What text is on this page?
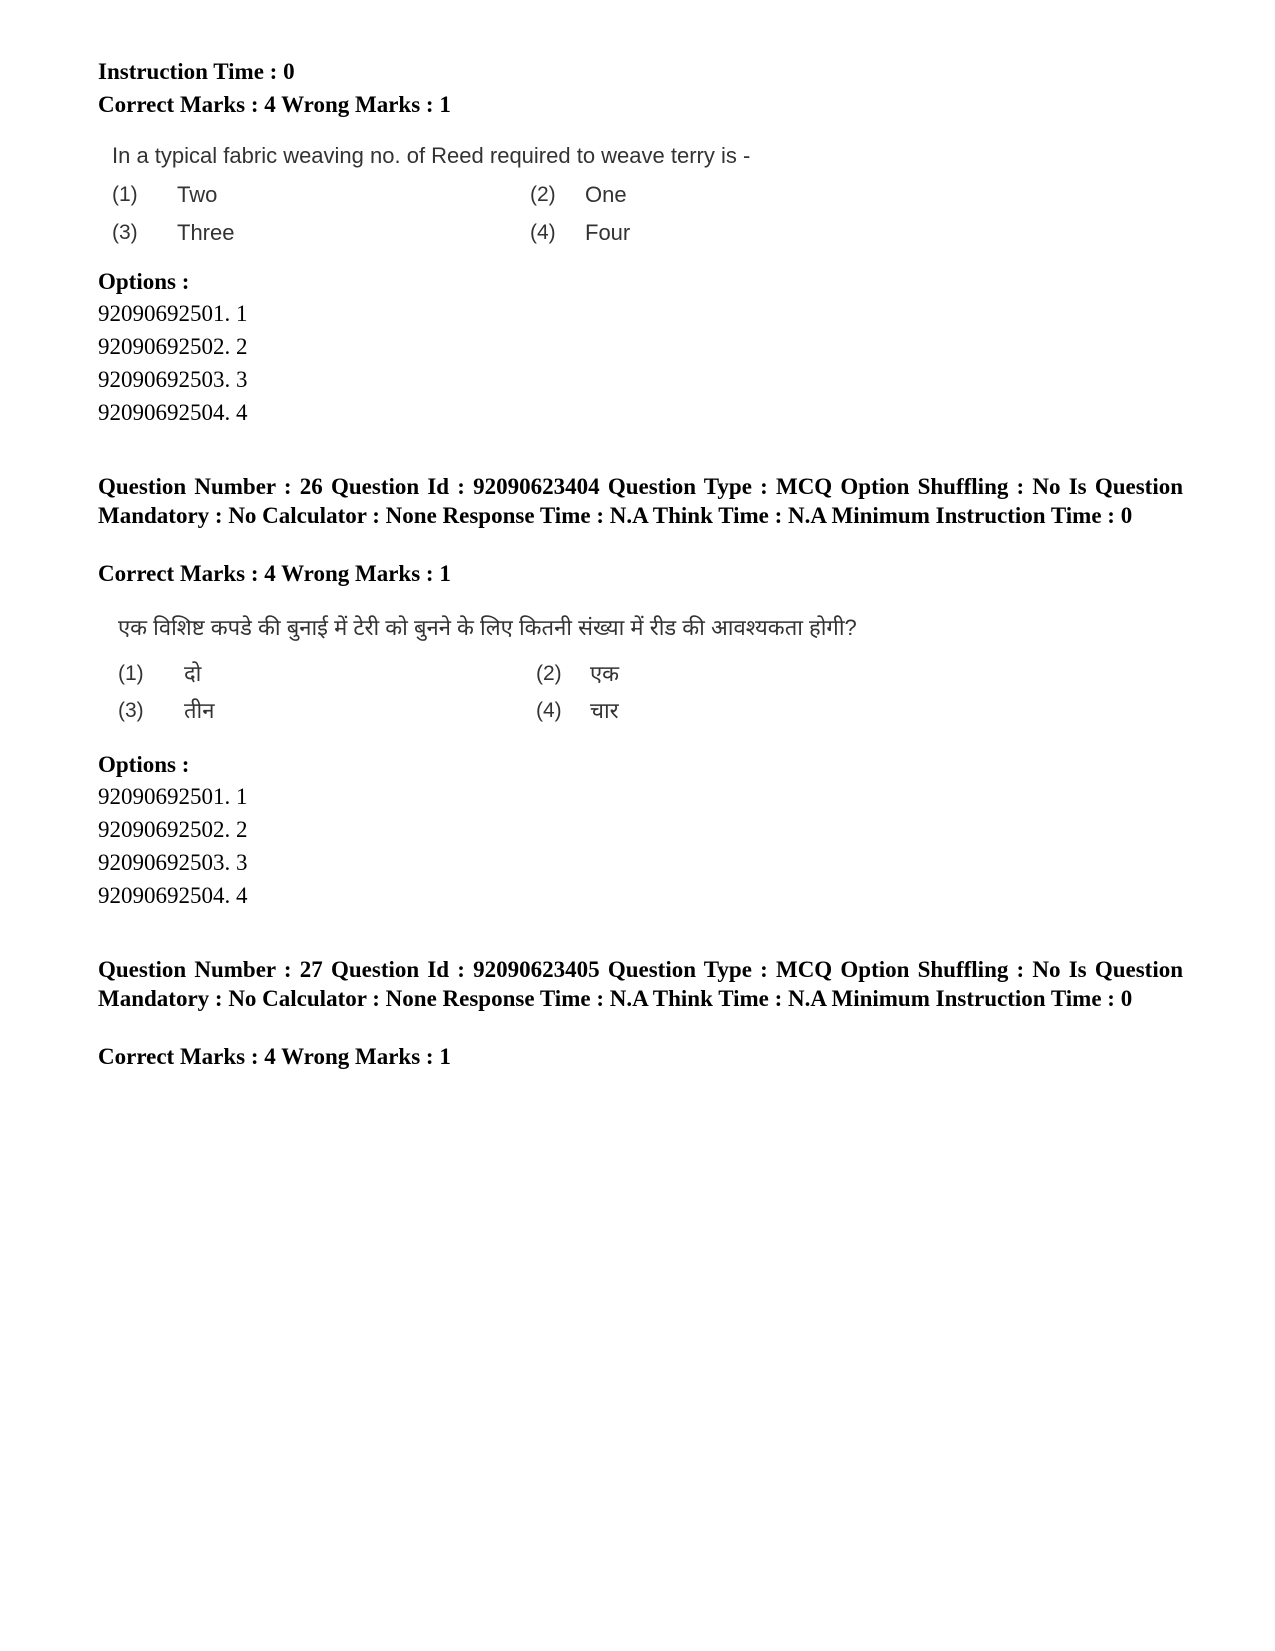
Instruction Time : 0
Correct Marks : 4 Wrong Marks : 1
In a typical fabric weaving no. of Reed required to weave terry is -
(1) Two	(2) One
(3) Three	(4) Four
Options :
92090692501. 1
92090692502. 2
92090692503. 3
92090692504. 4
Question Number : 26 Question Id : 92090623404 Question Type : MCQ Option Shuffling : No Is Question Mandatory : No Calculator : None Response Time : N.A Think Time : N.A Minimum Instruction Time : 0
Correct Marks : 4 Wrong Marks : 1
एक विशिष्ट कपडे की बुनाई में टेरी को बुनने के लिए कितनी संख्या में रीड की आवश्यकता होगी?
(1) दो	(2) एक
(3) तीन	(4) चार
Options :
92090692501. 1
92090692502. 2
92090692503. 3
92090692504. 4
Question Number : 27 Question Id : 92090623405 Question Type : MCQ Option Shuffling : No Is Question Mandatory : No Calculator : None Response Time : N.A Think Time : N.A Minimum Instruction Time : 0
Correct Marks : 4 Wrong Marks : 1
